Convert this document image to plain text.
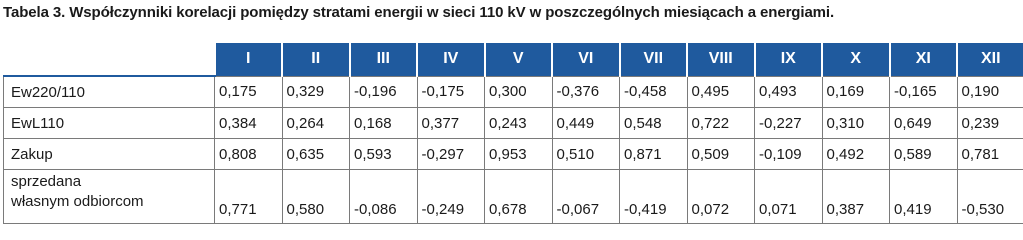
Tabela 3. Współczynniki korelacji pomiędzy stratami energii w sieci 110 kV w poszczególnych miesiącach a energiami.
	I	II	III	IV	V	VI	VII	VIII	IX	X	XI	XII

Ew220/110	0,175	0,329	-0,196	-0,175	0,300	-0,376	-0,458	0,495	0,493	0,169	-0,165	0,190

EwL110	0,384	0,264	0,168	0,377	0,243	0,449	0,548	0,722	-0,227	0,310	0,649	0,239

Zakup	0,808	0,635	0,593	-0,297	0,953	0,510	0,871	0,509	-0,109	0,492	0,589	0,781

sprzedana
własnym odbiorcom	0,771	0,580	-0,086	-0,249	0,678	-0,067	-0,419	0,072	0,071	0,387	0,419	-0,530
